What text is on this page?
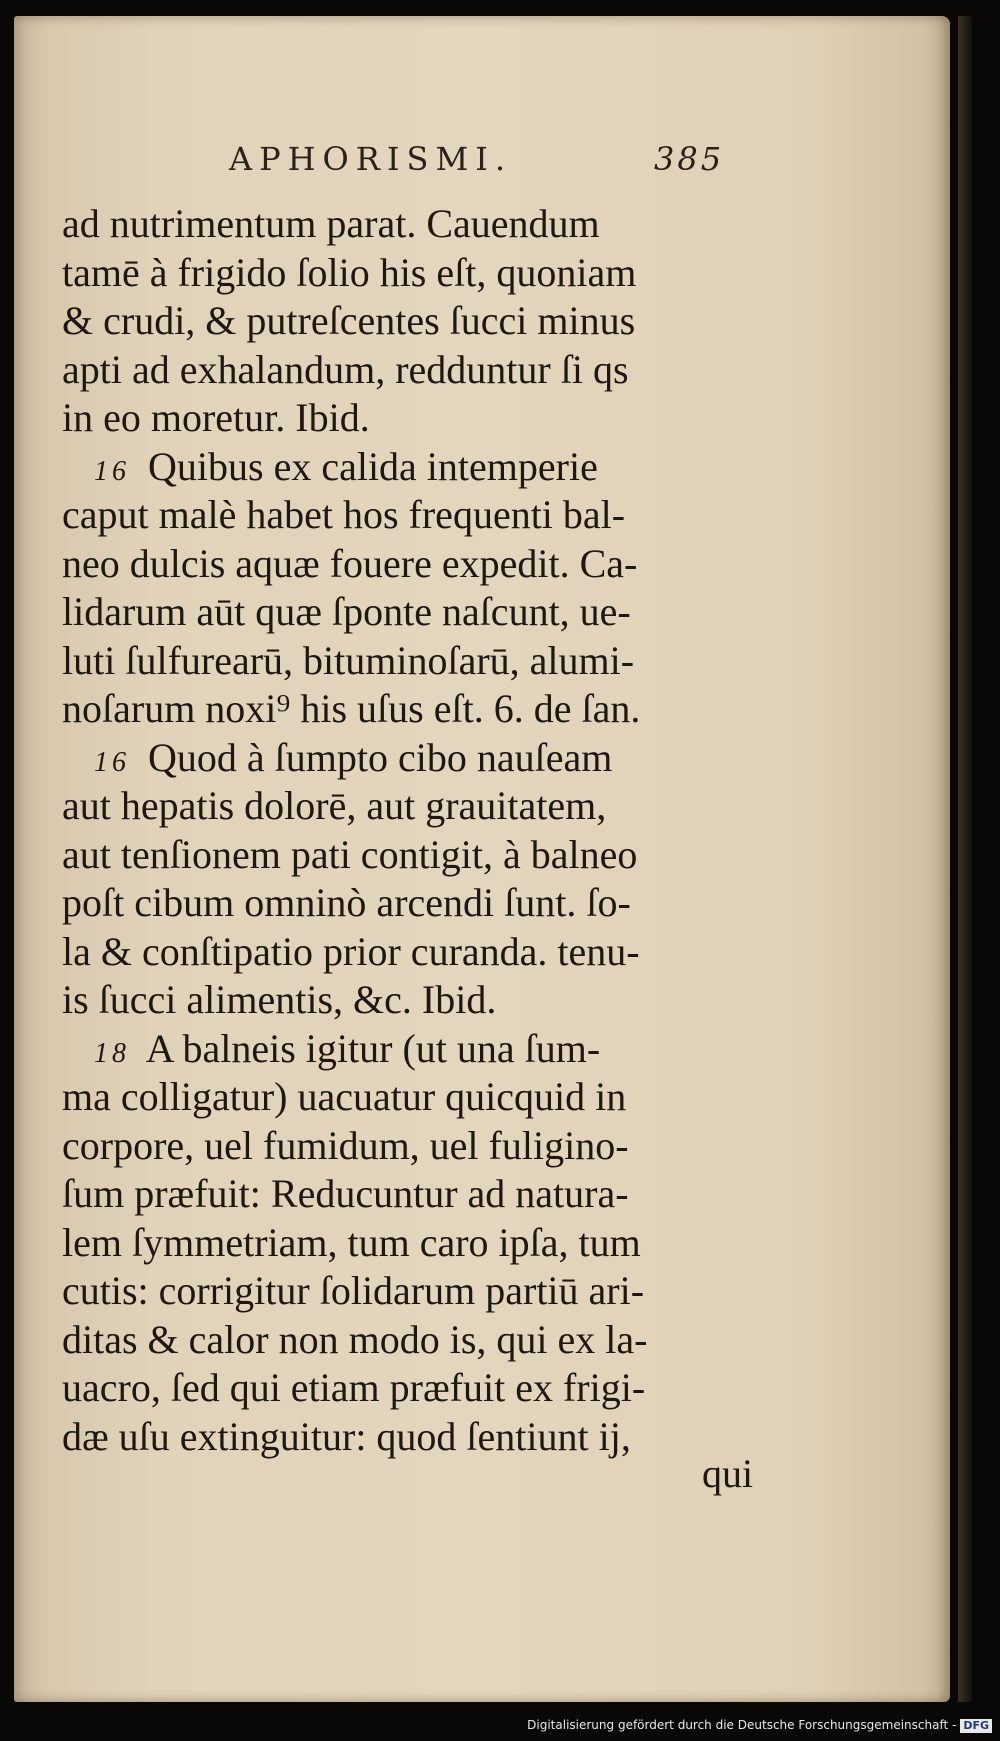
APHORISMI.	385
ad nutrimentum parat. Cauendum
tamē à frigido ſolio his eſt, quoniam
& crudi, & putreſcentes ſucci minus
apti ad exhalandum, redduntur ſi qs
in eo moretur. Ibid.
16 Quibus ex calida intemperie
caput malè habet hos frequenti bal-
neo dulcis aquæ fouere expedit. Ca-
lidarum aūt quæ ſponte naſcunt, ue-
luti ſulfurearū, bituminoſarū, alumi-
noſarum noxi⁹ his uſus eſt. 6. de ſan.
16 Quod à ſumpto cibo nauſeam
aut hepatis dolorē, aut grauitatem,
aut tenſionem pati contigit, à balneo
poſt cibum omninò arcendi ſunt. ſo-
la & conſtipatio prior curanda. tenu-
is ſucci alimentis, &c. Ibid.
18 A balneis igitur (ut una ſum-
ma colligatur) uacuatur quicquid in
corpore, uel fumidum, uel fuligino-
ſum præfuit: Reducuntur ad natura-
lem ſymmetriam, tum caro ipſa, tum
cutis: corrigitur ſolidarum partiū ari-
ditas & calor non modo is, qui ex la-
uacro, ſed qui etiam præfuit ex frigi-
dæ uſu extinguitur: quod ſentiunt ij,
qui
Digitalisierung gefördert durch die Deutsche Forschungsgemeinschaft - DFG
